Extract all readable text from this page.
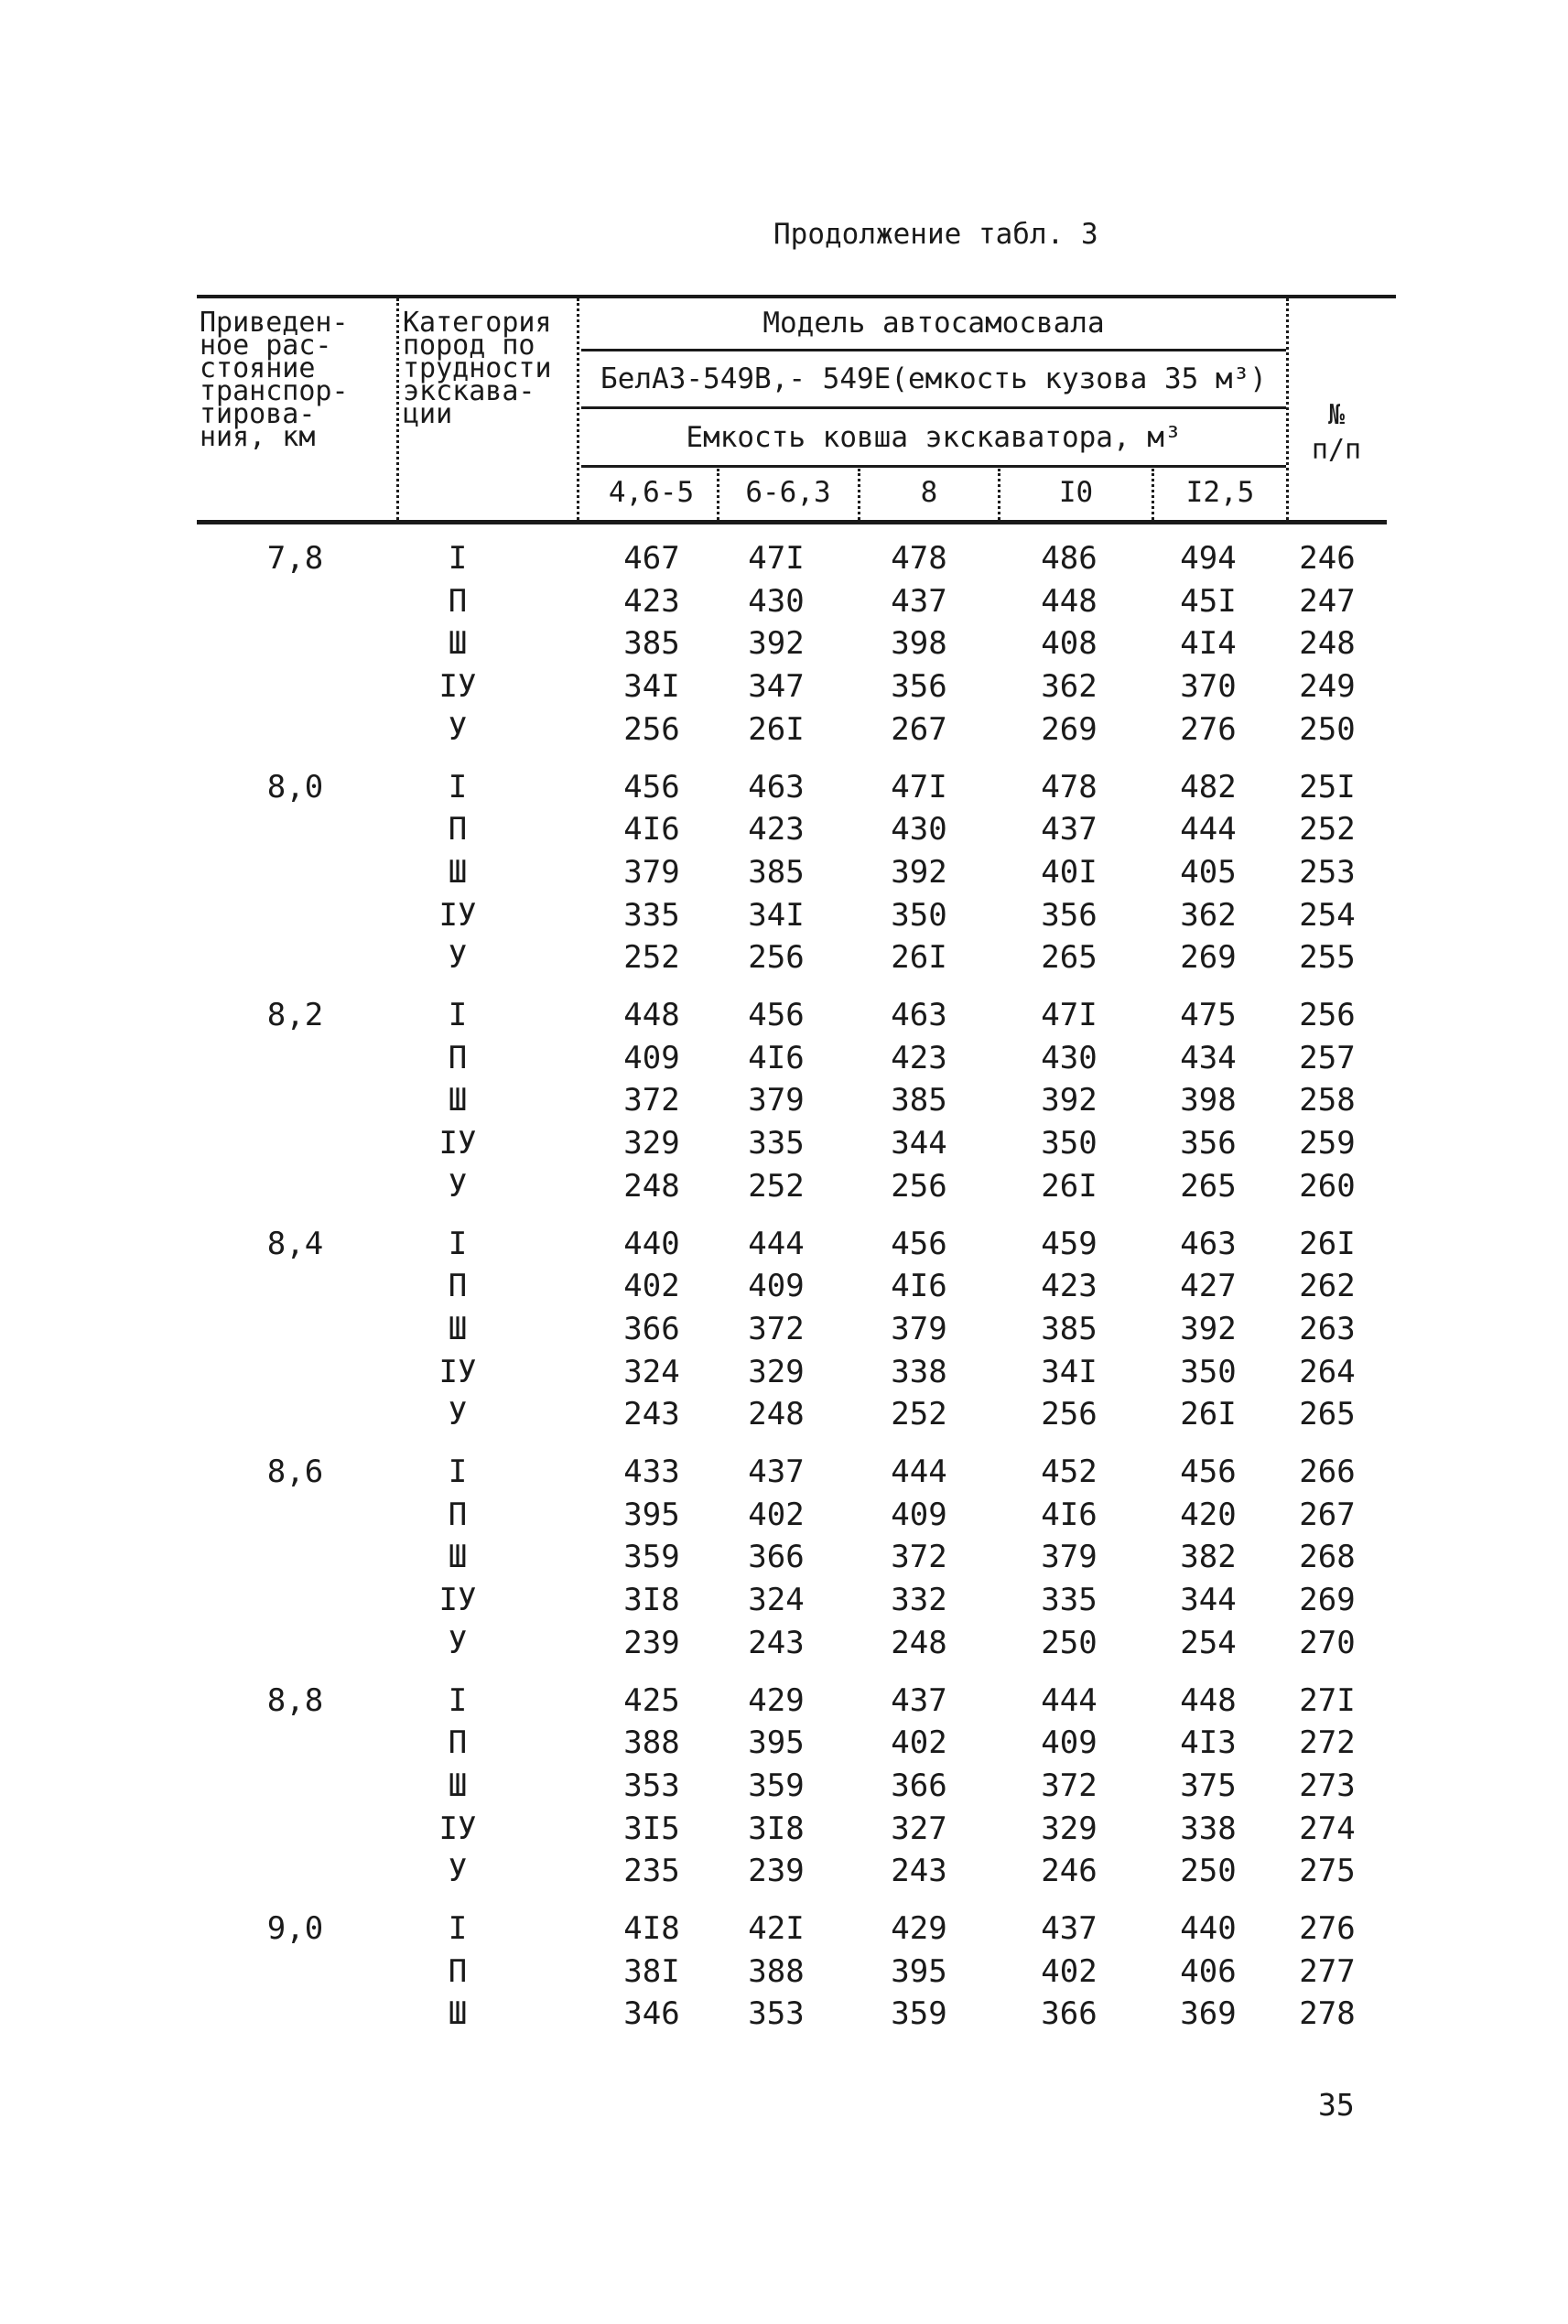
Продолжение табл. 3
Приведен-
ное рас-
стояние
транспор-
тирова-
ния, км
Категория
пород по
трудности
экскава-
ции
Модель автосамосвала
БелАЗ-549В,- 549Е(емкость кузова 35 м³)
Емкость ковша экскаватора, м³
4,6-5	6-6,3	8	I0	I2,5
№
п/п
7,8	I	467	47I	478	486	494	246
П	423	430	437	448	45I	247
Ш	385	392	398	408	4I4	248
IУ	34I	347	356	362	370	249
У	256	26I	267	269	276	250
8,0	I	456	463	47I	478	482	25I
П	4I6	423	430	437	444	252
Ш	379	385	392	40I	405	253
IУ	335	34I	350	356	362	254
У	252	256	26I	265	269	255
8,2	I	448	456	463	47I	475	256
П	409	4I6	423	430	434	257
Ш	372	379	385	392	398	258
IУ	329	335	344	350	356	259
У	248	252	256	26I	265	260
8,4	I	440	444	456	459	463	26I
П	402	409	4I6	423	427	262
Ш	366	372	379	385	392	263
IУ	324	329	338	34I	350	264
У	243	248	252	256	26I	265
8,6	I	433	437	444	452	456	266
П	395	402	409	4I6	420	267
Ш	359	366	372	379	382	268
IУ	3I8	324	332	335	344	269
У	239	243	248	250	254	270
8,8	I	425	429	437	444	448	27I
П	388	395	402	409	4I3	272
Ш	353	359	366	372	375	273
IУ	3I5	3I8	327	329	338	274
У	235	239	243	246	250	275
9,0	I	4I8	42I	429	437	440	276
П	38I	388	395	402	406	277
Ш	346	353	359	366	369	278
35
